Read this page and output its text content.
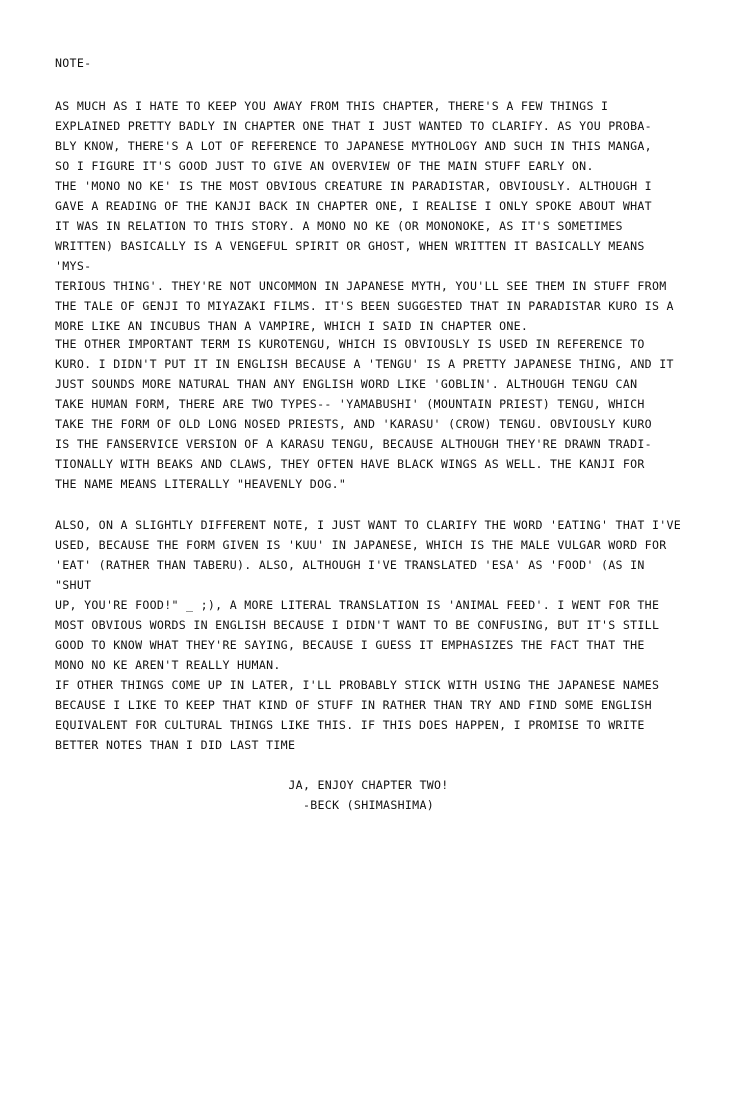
NOTE-

AS MUCH AS I HATE TO KEEP YOU AWAY FROM THIS CHAPTER, THERE'S A FEW THINGS I
EXPLAINED PRETTY BADLY IN CHAPTER ONE THAT I JUST WANTED TO CLARIFY. AS YOU PROBA-
BLY KNOW, THERE'S A LOT OF REFERENCE TO JAPANESE MYTHOLOGY AND SUCH IN THIS MANGA,
SO I FIGURE IT'S GOOD JUST TO GIVE AN OVERVIEW OF THE MAIN STUFF EARLY ON.
THE 'MONO NO KE' IS THE MOST OBVIOUS CREATURE IN PARADISTAR, OBVIOUSLY. ALTHOUGH I
GAVE A READING OF THE KANJI BACK IN CHAPTER ONE, I REALISE I ONLY SPOKE ABOUT WHAT
IT WAS IN RELATION TO THIS STORY. A MONO NO KE (OR MONONOKE, AS IT'S SOMETIMES
WRITTEN) BASICALLY IS A VENGEFUL SPIRIT OR GHOST, WHEN WRITTEN IT BASICALLY MEANS 'MYS-
TERIOUS THING'. THEY'RE NOT UNCOMMON IN JAPANESE MYTH, YOU'LL SEE THEM IN STUFF FROM
THE TALE OF GENJI TO MIYAZAKI FILMS. IT'S BEEN SUGGESTED THAT IN PARADISTAR KURO IS A
MORE LIKE AN INCUBUS THAN A VAMPIRE, WHICH I SAID IN CHAPTER ONE.

THE OTHER IMPORTANT TERM IS KUROTENGU, WHICH IS OBVIOUSLY IS USED IN REFERENCE TO
KURO. I DIDN'T PUT IT IN ENGLISH BECAUSE A 'TENGU' IS A PRETTY JAPANESE THING, AND IT
JUST SOUNDS MORE NATURAL THAN ANY ENGLISH WORD LIKE 'GOBLIN'. ALTHOUGH TENGU CAN
TAKE HUMAN FORM, THERE ARE TWO TYPES-- 'YAMABUSHI' (MOUNTAIN PRIEST) TENGU, WHICH
TAKE THE FORM OF OLD LONG NOSED PRIESTS, AND 'KARASU' (CROW) TENGU. OBVIOUSLY KURO
IS THE FANSERVICE VERSION OF A KARASU TENGU, BECAUSE ALTHOUGH THEY'RE DRAWN TRADI-
TIONALLY WITH BEAKS AND CLAWS, THEY OFTEN HAVE BLACK WINGS AS WELL. THE KANJI FOR
THE NAME MEANS LITERALLY "HEAVENLY DOG."

ALSO, ON A SLIGHTLY DIFFERENT NOTE, I JUST WANT TO CLARIFY THE WORD 'EATING' THAT I'VE
USED, BECAUSE THE FORM GIVEN IS 'KUU' IN JAPANESE, WHICH IS THE MALE VULGAR WORD FOR
'EAT' (RATHER THAN TABERU). ALSO, ALTHOUGH I'VE TRANSLATED 'ESA' AS 'FOOD' (AS IN "SHUT
UP, YOU'RE FOOD!" _ ;), A MORE LITERAL TRANSLATION IS 'ANIMAL FEED'. I WENT FOR THE
MOST OBVIOUS WORDS IN ENGLISH BECAUSE I DIDN'T WANT TO BE CONFUSING, BUT IT'S STILL
GOOD TO KNOW WHAT THEY'RE SAYING, BECAUSE I GUESS IT EMPHASIZES THE FACT THAT THE
MONO NO KE AREN'T REALLY HUMAN.

IF OTHER THINGS COME UP IN LATER, I'LL PROBABLY STICK WITH USING THE JAPANESE NAMES
BECAUSE I LIKE TO KEEP THAT KIND OF STUFF IN RATHER THAN TRY AND FIND SOME ENGLISH
EQUIVALENT FOR CULTURAL THINGS LIKE THIS. IF THIS DOES HAPPEN, I PROMISE TO WRITE
BETTER NOTES THAN I DID LAST TIME

JA, ENJOY CHAPTER TWO!
-BECK (SHIMASHIMA)
